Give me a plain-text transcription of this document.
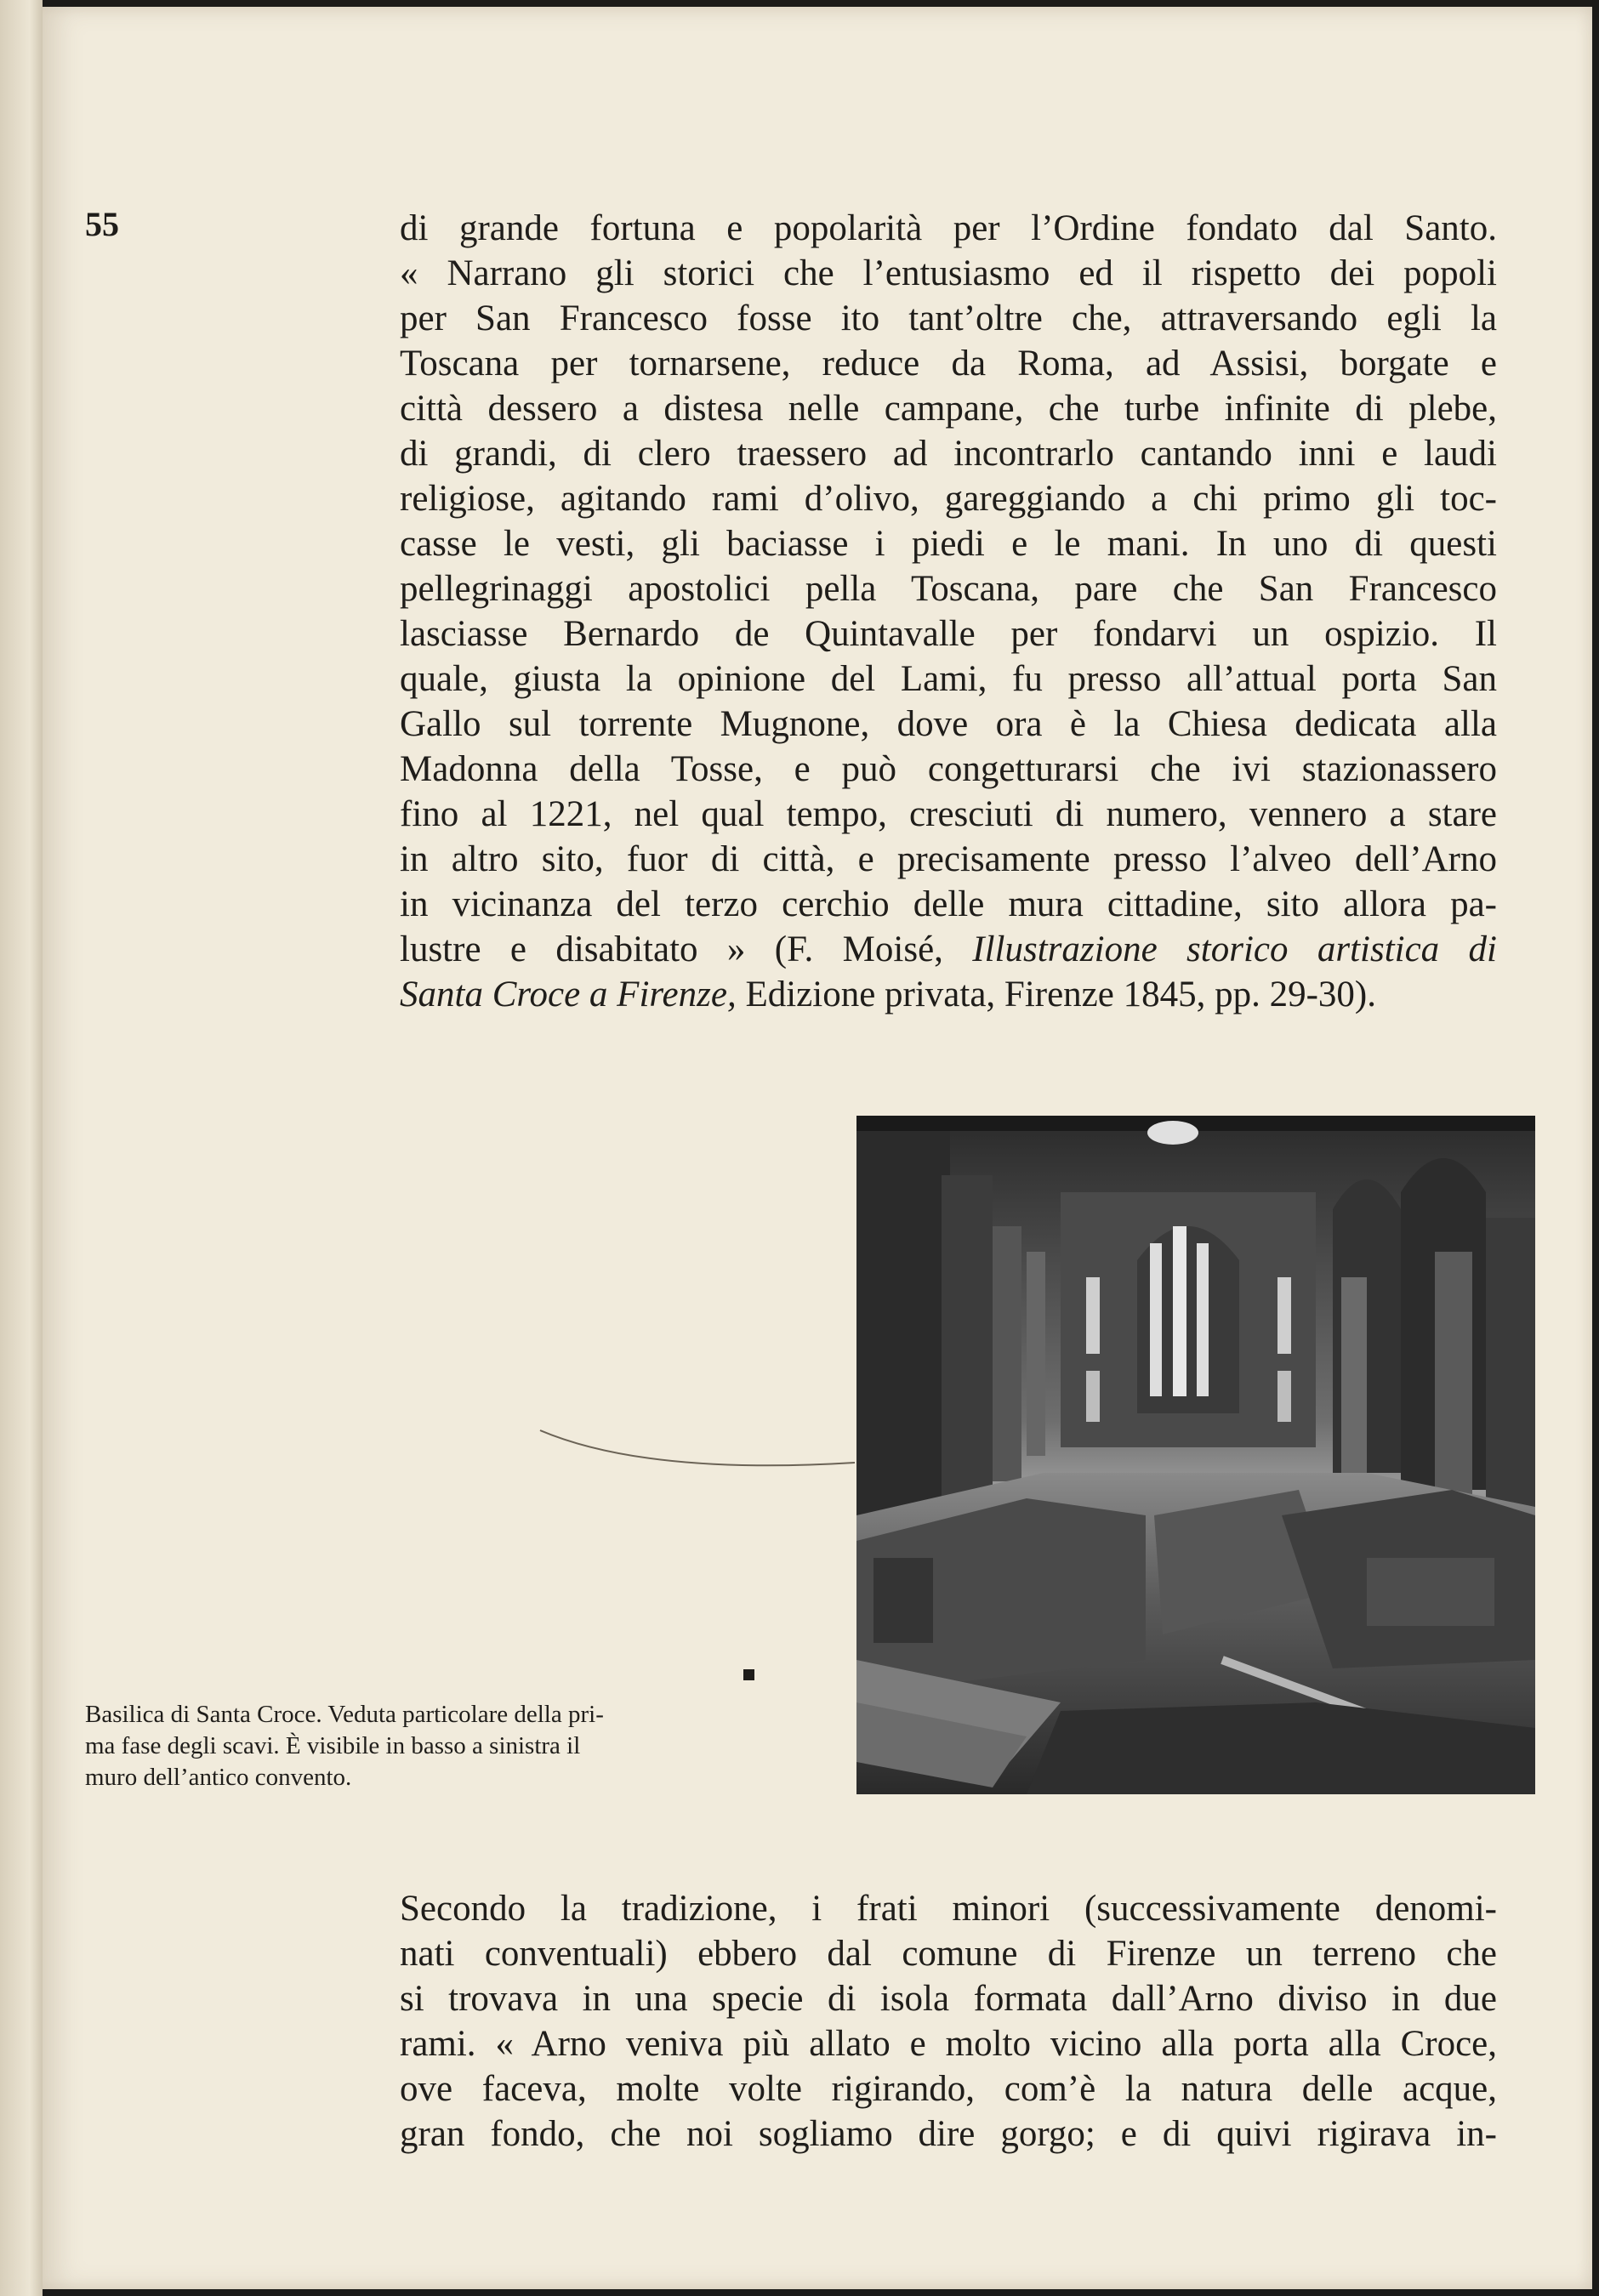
55	di grande fortuna e popolarità per l’Ordine fondato dal Santo.
« Narrano gli storici che l’entusiasmo ed il rispetto dei popoli
per San Francesco fosse ito tant’oltre che, attraversando egli la
Toscana per tornarsene, reduce da Roma, ad Assisi, borgate e
città dessero a distesa nelle campane, che turbe infinite di plebe,
di grandi, di clero traessero ad incontrarlo cantando inni e laudi
religiose, agitando rami d’olivo, gareggiando a chi primo gli toc-
casse le vesti, gli baciasse i piedi e le mani. In uno di questi
pellegrinaggi apostolici pella Toscana, pare che San Francesco
lasciasse Bernardo de Quintavalle per fondarvi un ospizio. Il
quale, giusta la opinione del Lami, fu presso all’attual porta San
Gallo sul torrente Mugnone, dove ora è la Chiesa dedicata alla
Madonna della Tosse, e può congetturarsi che ivi stazionassero
fino al 1221, nel qual tempo, cresciuti di numero, vennero a stare
in altro sito, fuor di città, e precisamente presso l’alveo dell’Arno
in vicinanza del terzo cerchio delle mura cittadine, sito allora pa-
lustre e disabitato » (F. Moisé, Illustrazione storico artistica di
Santa Croce a Firenze, Edizione privata, Firenze 1845, pp. 29-30).
Basilica di Santa Croce. Veduta particolare della pri-
ma fase degli scavi. È visibile in basso a sinistra il
muro dell’antico convento.
Secondo la tradizione, i frati minori (successivamente denomi-
nati conventuali) ebbero dal comune di Firenze un terreno che
si trovava in una specie di isola formata dall’Arno diviso in due
rami. « Arno veniva più allato e molto vicino alla porta alla Croce,
ove faceva, molte volte rigirando, com’è la natura delle acque,
gran fondo, che noi sogliamo dire gorgo; e di quivi rigirava in-
